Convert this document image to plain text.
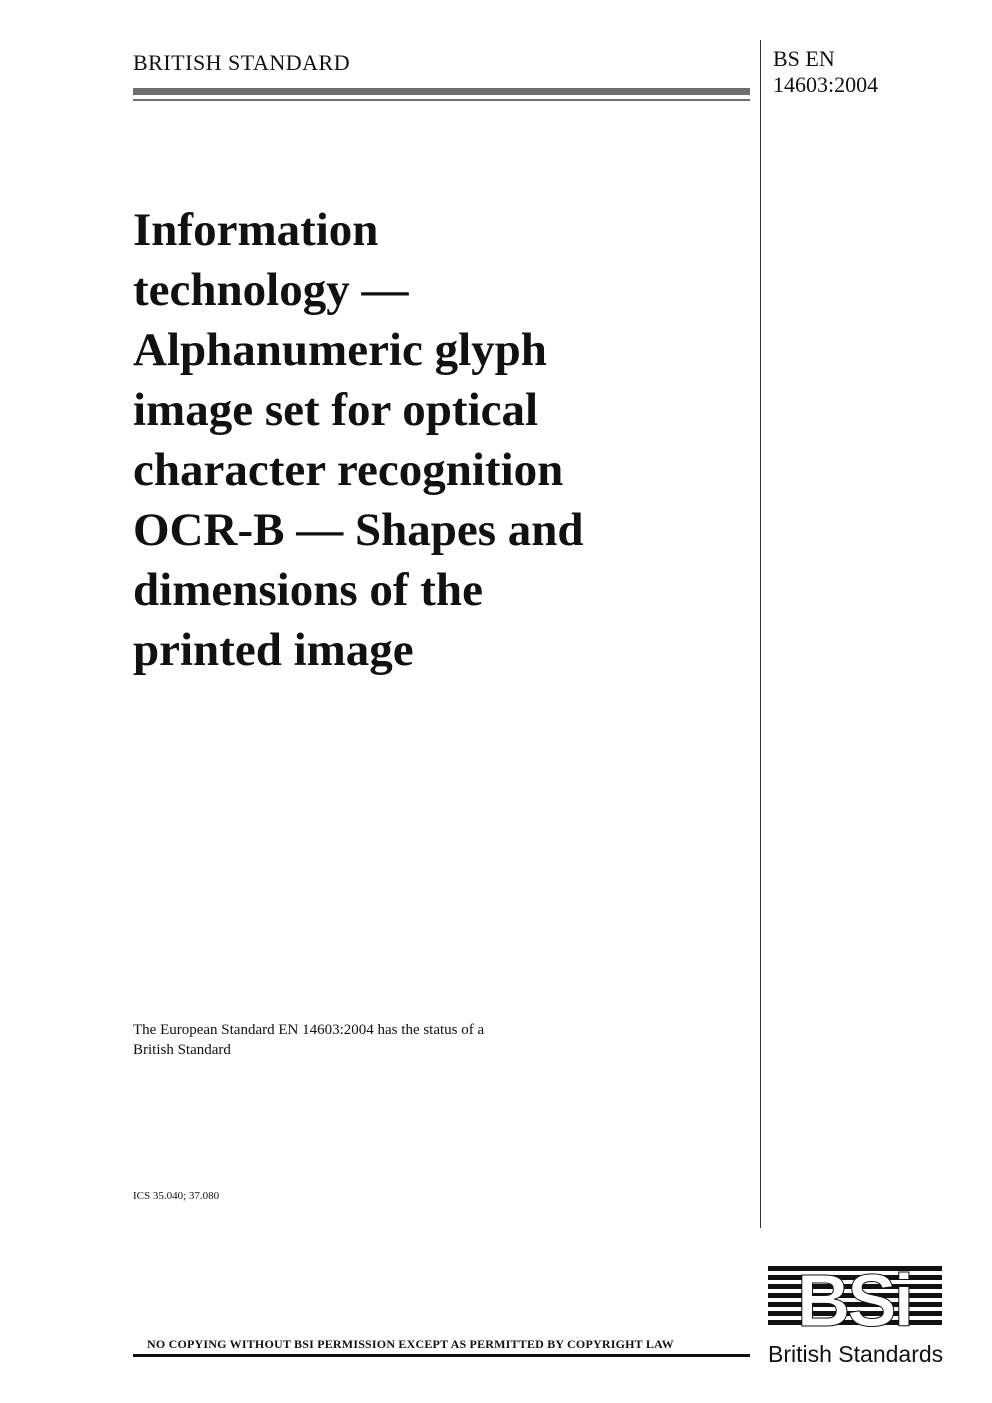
BRITISH STANDARD	BS EN
14603:2004
Information
technology —
Alphanumeric glyph
image set for optical
character recognition
OCR-B — Shapes and
dimensions of the
printed image
The European Standard EN 14603:2004 has the status of a
British Standard
ICS 35.040; 37.080
NO COPYING WITHOUT BSI PERMISSION EXCEPT AS PERMITTED BY COPYRIGHT LAW
BSi
British Standards
